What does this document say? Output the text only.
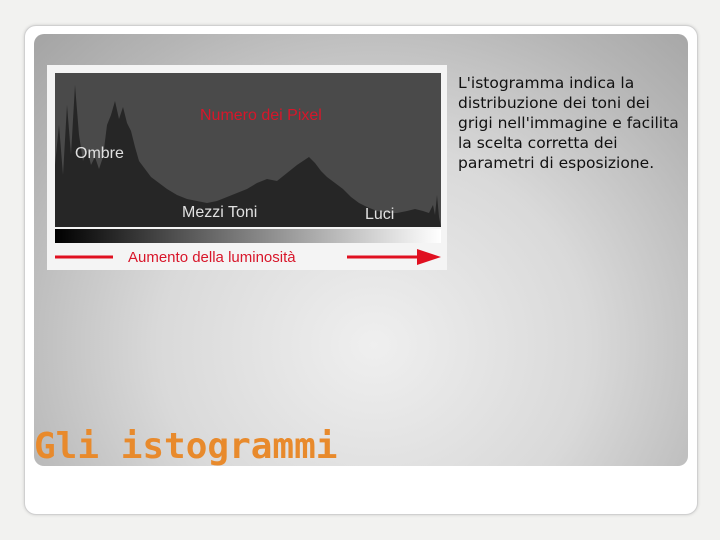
Numero dei Pixel
Ombre
Mezzi Toni	Luci
Aumento della luminosità

L'istogramma indica la distribuzione dei toni dei grigi nell'immagine e facilita la scelta corretta dei parametri di esposizione.

Gli istogrammi
